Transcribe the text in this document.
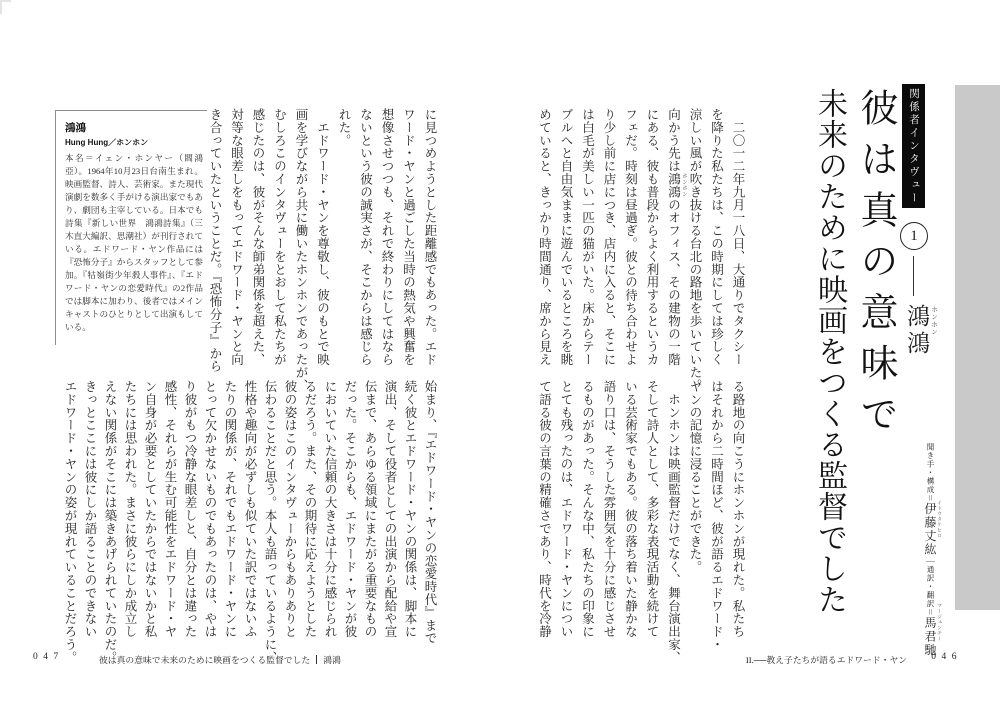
関係者インタヴュー
1
鴻鴻 ホンホン
彼は真の意味で
未来のために映画をつくる監督でした	聞き手・構成＝伊藤丈紘｜通訳・翻訳＝馬君馳
イトウタケヒロ
マージュンチー
　二〇一二年九月一八日、大通りでタクシー
を降りた私たちは、この時期にしては珍しく
涼しい風が吹き抜ける台北の路地を歩いていた。
向かう先は鴻鴻のオフィス、その建物の一階
にある、彼も普段からよく利用するというカ
フェだ。時刻は昼過ぎ。彼との待ち合わせよ
り少し前に店につき、店内に入ると、そこに
は白毛が美しい一匹の猫がいた。床からテー
ブルへと自由気ままに遊んでいるところを眺
めていると、きっかり時間通り、席から見え	ホンホン
る路地の向こうにホンホンが現れた。私たち
はそれから二時間ほど、彼が語るエドワード・
ヤンの記憶に浸ることができた。
　ホンホンは映画監督だけでなく、舞台演出家、
そして詩人として、多彩な表現活動を続けて
いる芸術家でもある。彼の落ち着いた静かな
語り口は、そうした雰囲気を十分に感じさせ
るものがあった。そんな中、私たちの印象に
とても残ったのは、エドワード・ヤンについ
て語る彼の言葉の精確さであり、時代を冷静
II.──教え子たちが語るエドワード・ヤン	046
鴻鴻
Hung Hung／ホンホン
本名＝イェン・ホンヤー（閻鴻亞）。1964年10月23日台南生まれ。映画監督、詩人、芸術家。また現代演劇を数多く手がける演出家でもあり、劇団も主宰している。日本でも詩集『新しい世界　鴻鴻詩集』（三木直大編訳、思潮社）が刊行されている。エドワード・ヤン作品には『恐怖分子』からスタッフとして参加。『牯嶺街少年殺人事件』、『エドワード・ヤンの恋愛時代』の2作品では脚本に加わり、後者ではメインキャストのひとりとして出演もしている。	に見つめようとした距離感でもあった。エド
ワード・ヤンと過ごした当時の熱気や興奮を
想像させつつも、それで終わりにしてはなら
ないという彼の誠実さが、そこからは感じら
れた。
　エドワード・ヤンを尊敬し、彼のもとで映
画を学びながら共に働いたホンホンであったが、
むしろこのインタヴューをとおして私たちが
感じたのは、彼がそんな師弟関係を超えた、
対等な眼差しをもってエドワード・ヤンと向
き合っていたということだ。『恐怖分子』から
始まり、『エドワード・ヤンの恋愛時代』まで
続く彼とエドワード・ヤンの関係は、脚本に
演出、そして役者としての出演から配給や宣
伝まで、あらゆる領域にまたがる重要なもの
だった。そこからも、エドワード・ヤンが彼
においていた信頼の大きさは十分に感じられ
るだろう。また、その期待に応えようとした
彼の姿はこのインタヴューからもありありと
伝わることだと思う。本人も語っているように、
性格や趣向が必ずしも似ていた訳ではないふ
たりの関係が、それでもエドワード・ヤンに
とって欠かせないものでもあったのは、やは
り彼がもつ冷静な眼差しと、自分とは違った
感性、それらが生む可能性をエドワード・ヤ
ン自身が必要としていたからではないかと私
たちには思われた。まさに彼らにしか成立し
えない関係がそこには築きあげられていたのだ。
きっとここには彼にしか語ることのできない
エドワード・ヤンの姿が現れていることだろう。
047	彼は真の意味で未来のために映画をつくる監督でした 鴻鴻
